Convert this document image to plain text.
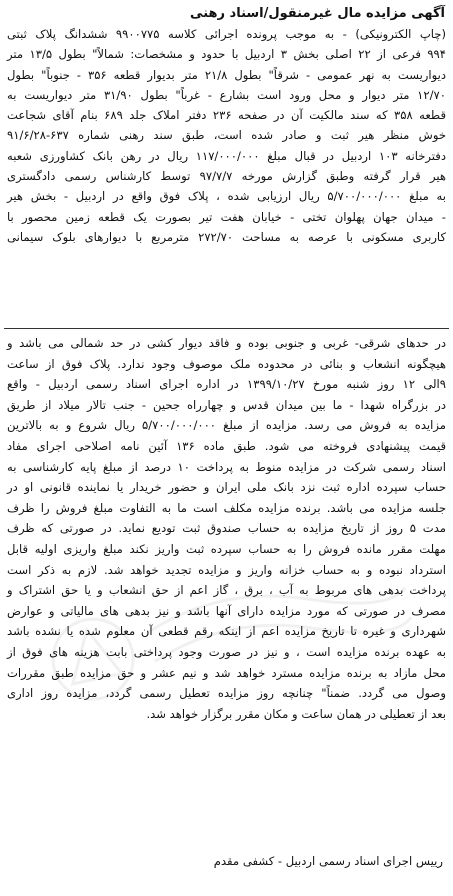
آگهی مزایده مال غیرمنقول/اسناد رهنی
(چاپ الکترونیکی) - به موجب پرونده اجرائی کلاسه ۹۹۰۰۷۷۵ ششدانگ پلاک ثبتی
۹۹۴ فرعی از ۲۲ اصلی بخش ۳ اردبیل با حدود و مشخصات: شمالاً" بطول ۱۳/۵ متر
دیواریست به نهر عمومی - شرقاً" بطول ۲۱/۸ متر بدیوار قطعه ۳۵۶ - جنوباً" بطول
۱۲/۷۰ متر دیوار و محل ورود است بشارع - غرباً" بطول ۳۱/۹۰ متر دیواریست به
قطعه ۳۵۸ که سند مالکیت آن در صفحه ۲۳۶ دفتر املاک جلد ۶۸۹ بنام آقای شجاعت
خوش منظر هیر ثبت و صادر شده است، طبق سند رهنی شماره ۶۳۷-۹۱/۶/۲۸
دفترخانه ۱۰۳ اردبیل در قبال مبلغ ۱۱۷/۰۰۰/۰۰۰ ریال در رهن بانک کشاورزی شعبه
هیر قرار گرفته وطبق گزارش مورخه ۹۷/۷/۷ توسط کارشناس رسمی دادگستری
به مبلغ ۵/۷۰۰/۰۰۰/۰۰۰ ریال ارزیابی شده ، پلاک فوق واقع در اردبیل - بخش هیر
- میدان جهان پهلوان تختی - خیابان هفت تیر بصورت یک قطعه زمین محصور با
کاربری مسکونی با عرصه به مساحت ۲۷۲/۷۰ مترمربع با دیوارهای بلوک سیمانی
در حدهای شرقی- غربی و جنوبی بوده و فاقد دیوار کشی در حد شمالی می باشد و
هیچگونه انشعاب و بنائی در محدوده ملک موصوف وجود ندارد. پلاک فوق از ساعت
۹الی ۱۲ روز شنبه مورخ ۱۳۹۹/۱۰/۲۷ در اداره اجرای اسناد رسمی اردبیل - واقع
در بزرگراه شهدا - ما بین میدان قدس و چهارراه جحین - جنب تالار میلاد از طریق
مزایده به فروش می رسد. مزایده از مبلغ ۵/۷۰۰/۰۰۰/۰۰۰ ریال شروع و به بالاترین
قیمت پیشنهادی فروخته می شود. طبق ماده ۱۳۶ آئین نامه اصلاحی اجرای مفاد
اسناد رسمی شرکت در مزایده منوط به پرداخت ۱۰ درصد از مبلغ پایه کارشناسی به
حساب سپرده اداره ثبت نزد بانک ملی ایران و حضور خریدار یا نماینده قانونی او در
جلسه مزایده می باشد. برنده مزایده مکلف است ما به التفاوت مبلغ فروش را ظرف
مدت ۵ روز از تاریخ مزایده به حساب صندوق ثبت تودیع نماید. در صورتی که ظرف
مهلت مقرر مانده فروش را به حساب سپرده ثبت واریز نکند مبلغ واریزی اولیه قابل
استرداد نبوده و به حساب خزانه واریز و مزایده تجدید خواهد شد. لازم به ذکر است
پرداخت بدهی های مربوط به آب ، برق ، گاز اعم از حق انشعاب و یا حق اشتراک و
مصرف در صورتی که مورد مزایده دارای آنها باشد و نیز بدهی های مالیاتی و عوارض
شهرداری و غیره تا تاریخ مزایده اعم از اینکه رقم قطعی آن معلوم شده یا نشده باشد
به عهده برنده مزایده است ، و نیز در صورت وجود پرداختی بابت هزینه های فوق از
محل مازاد به برنده مزایده مسترد خواهد شد و نیم عشر و حق مزایده طبق مقررات
وصول می گردد. ضمناً" چنانچه روز مزایده تعطیل رسمی گردد، مزایده روز اداری
بعد از تعطیلی در همان ساعت و مکان مقرر برگزار خواهد شد.
رییس اجرای اسناد رسمی اردبیل - کشفی مقدم
